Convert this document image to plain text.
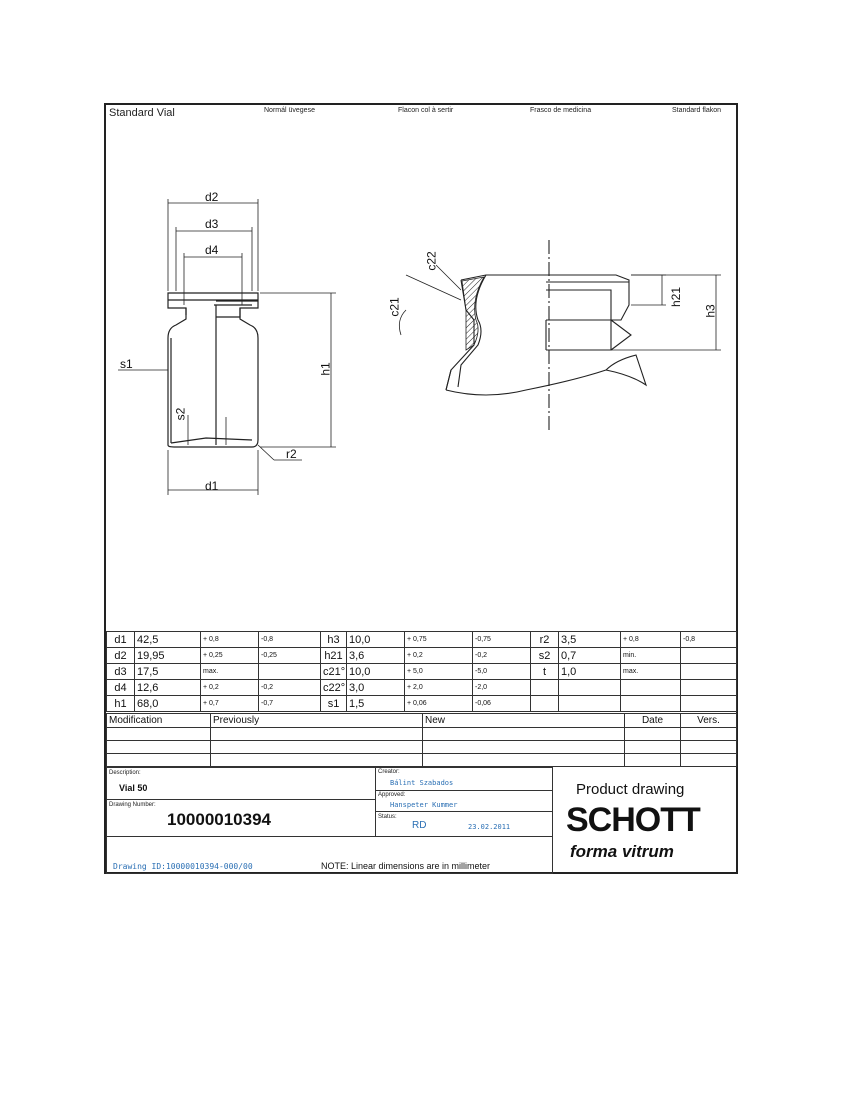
Standard Vial	Normál üvegese	Flacon col à sertir	Frasco de medicina	Standard flakon
d2
d3
d4
s1
s2
h1
r2
d1
c22
c21	h21
h3
d1	42,5	+ 0,8	-0,8	h3	10,0	+ 0,75	-0,75	r2	3,5	+ 0,8	-0,8
d2	19,95	+ 0,25	-0,25	h21	3,6	+ 0,2	-0,2	s2	0,7	min.	
d3	17,5	max.		c21°	10,0	+ 5,0	-5,0	t	1,0	max.	
d4	12,6	+ 0,2	-0,2	c22°	3,0	+ 2,0	-2,0				
h1	68,0	+ 0,7	-0,7	s1	1,5	+ 0,06	-0,06				
Modification	Previously	New	Date	Vers.

Description:
Vial 50
Drawing Number:
10000010394
Creator:
Bálint Szabados
Approved:
Hanspeter Kummer
Status:
RD	23.02.2011
Drawing ID:10000010394-000/00	NOTE: Linear dimensions are in millimeter
Product drawing
SCHOTT
forma vitrum
